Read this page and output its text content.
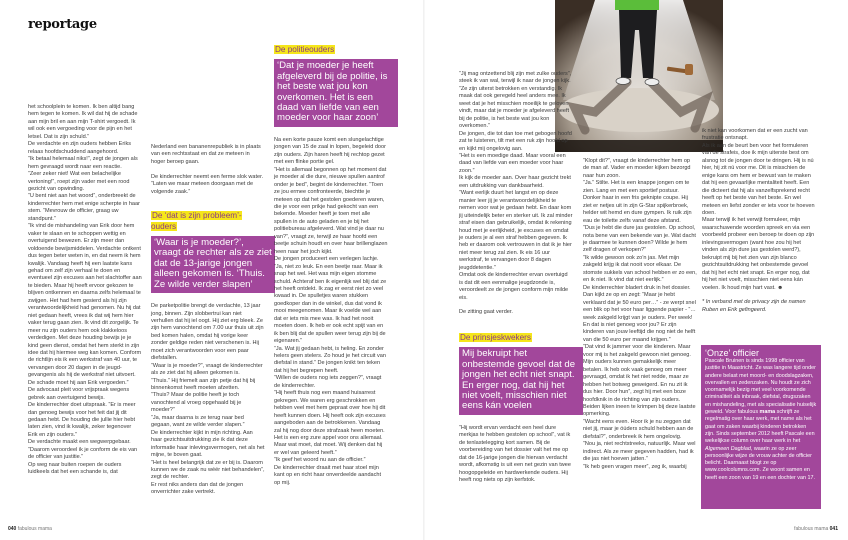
reportage

het schoolplein te komen. Ik ben altijd bang hem tegen te komen. Ik wil dat hij de schade aan mijn bril en aan mijn T-shirt vergoedt. Ik wil ook een vergoeding voor de pijn en het letsel. Dat is zijn schuld.”

De verdachte en zijn ouders hebben Eriks relaas hoofdschuddend aangehoord.

“Ik betaal helemaal niks!”, zegt de jongen als hem gevraagd wordt naar een reactie.

“Zeer zeker niet! Wat een belachelijke vertoning!”, roept zijn vader met een rood gezicht van opwinding.

“U bent niet aan het woord”, onderbreekt de kinderrechter hem met enige scherpte in haar stem. “Mevrouw de officier, graag uw standpunt.”

“Ik vind de mishandeling van Erik door hem vaker te slaan en te schoppen wettig en overtuigend bewezen. Er zijn meer dan voldoende bewijsmiddelen. Verdachte ontkent dus tegen beter weten in, en dat neem ik hem kwalijk. Vandaag heeft hij een laatste kans gehad om zelf zijn verhaal te doen en eventueel zijn excuses aan het slachtoffer aan te bieden. Maar hij heeft ervoor gekozen te blijven ontkennen en daarna zelfs helemaal te zwijgen. Het had hem gesierd als hij zijn verantwoordelijkheid had genomen. Nu hij dat niet gedaan heeft, vrees ik dat wij hem hier vaker terug gaan zien. Ik vind dit zorgelijk. Te meer nu zijn ouders hem ook klakkeloos verdedigen. Met deze houding bewijs je je kind geen dienst, omdat het hem sterkt in zijn idee dat hij hiermee weg kan komen. Conform de richtlijn eis ik een werkstraf van 40 uur, te vervangen door 20 dagen in de jeugdgevangenis als hij de werkstraf niet uitvoert. De schade moet hij aan Erik vergoeden.”

De advocaat pleit voor vrijspraak wegens gebrek aan overtuigend bewijs.

De kinderrechter doet uitspraak. “Er is meer dan genoeg bewijs voor het feit dat jij dit gedaan hebt. De houding die jullie hier hebt laten zien, vind ik kwalijk, zeker tegenover Erik en zijn ouders.”

De verdachte maakt een wegwerpgebaar.

“Daarom veroordeel ik je conform de eis van de officier van justitie.”

Op weg naar buiten roepen de ouders luidkeels dat het een schande is, dat

Nederland een bananenrepubliek is in plaats van een rechtsstaat en dat ze meteen in hoger beroep gaan.

De kinderrechter neemt een ferme slok water. “Laten we maar meteen doorgaan met de volgende zaak.”

De ‘dat is zijn probleem’-ouders
‘Waar is je moeder?’, vraagt de rechter als ze ziet dat de 13-jarige jongen alleen gekomen is. ‘Thuis. Ze wilde verder slapen’

De parketpolitie brengt de verdachte, 13 jaar jong, binnen. Zijn slobbertrui kan niet verhullen dat hij iel oogt. Hij ziet erg bleek. Ze zijn hem vanochtend om 7.00 uur thuis uit zijn bed komen halen, omdat hij vorige keer zonder geldige reden niet verschenen is. Hij moet zich verantwoorden voor een paar diefstallen.

“Waar is je moeder?”, vraagt de kinderrechter als ze ziet dat hij alleen gekomen is.

“Thuis.” Hij friemelt aan zijn petje dat hij bij binnenkomst heeft moeten afzetten.

“Thuis? Maar de politie heeft je toch vanochtend al vroeg opgehaald bij je moeder?”

“Ja, maar daarna is ze terug naar bed gegaan, want ze wilde verder slapen.”

De kinderrechter kijkt in mijn richting. Aan haar gezichtsuitdrukking zie ik dat deze informatie haar inlevingsvermogen, net als het mijne, te boven gaat.

“Het is heel belangrijk dat ze er bij is. Daarom kunnen we de zaak nu wéér niet behandelen”, zegt de rechter.

Er rest niks anders dan dat de jongen onverrichter zake vertrekt.

De politieouders
‘Dat je moeder je heeft afgeleverd bij de politie, is het beste wat jou kon overkomen. Het is een daad van liefde van een moeder voor haar zoon’

Na een korte pauze komt een slungelachtige jongen van 15 de zaal in lopen, begeleid door zijn ouders. Zijn haren heeft hij rechtop gezet met een flinke portie gel.

“Het is allemaal begonnen op het moment dat je moeder al die dure, nieuwe spullen aantrof onder je bed”, begint de kinderrechter. “Toen ze jou ermee confronteerde, biechtte je meteen op dat het gestolen goederen waren, die je voor een prikje had gekocht van een bekende. Moeder heeft je toen met alle spullen in de auto geladen en je bij het politiebureau afgeleverd. Wat vind je daar nu van?”, vraagt ze, terwijl ze haar hoofd een beetje schuin houdt en over haar brillenglazen heen naar het joch kijkt.

De jongen produceert een verlegen lachje.

“Ja, niet zo leuk. En een beetje raar. Maar ik snap het wel. Het was mijn eigen stomme schuld. Achteraf ben ik eigenlijk wel blij dat ze het heeft ontdekt. Ik zag er eerst niet zo veel kwaad in. De spulletjes waren stukken goedkoper dan in de winkel, dus dat vond ik mooi meegenomen. Maar ik voelde wel aan dat er iets mis mee was. Ik had het nooit moeten doen. Ik heb er ook echt spijt van en ik ben blij dat de spullen weer terug zijn bij de eigenaren.”

“Ja. Wat jij gedaan hebt, is heling. En zonder helers geen stelers. Zo houd je het circuit van diefstal in stand.” De jongen knikt ten teken dat hij het begrepen heeft.

“Willen de ouders nog iets zeggen?”, vraagt de kinderrechter.

“Hij heeft thuis nog een maand huisarrest gekregen. We waren erg geschrokken en hebben veel met hem gepraat over hoe hij dit heeft kunnen doen. Hij heeft ook zijn excuses aangeboden aan de betrokkenen. Vandaag zal hij nog door deze strafzaak heen moeten. Het is een erg zure appel voor ons allemaal. Maar wat moet, dat moet. Wij denken dat hij er wel van geleerd heeft.”

“Ik geef het woord nu aan de officier.”

De kinderrechter draait met haar stoel mijn kant op en richt haar onverdeelde aandacht op mij.

“Jij mag ontzettend blij zijn met zulke ouders”, steek ik van wal, terwijl ik naar de jongen kijk. “Ze zijn uiterst betrokken en verstandig. Ik maak dat ook geregeld heel anders mee. Ik weet dat je het misschien moeilijk te geloven vindt, maar dat je moeder je afgeleverd heeft bij de politie, is het beste wat jou kon overkomen.”

De jongen, die tot dan toe met gebogen hoofd zat te luisteren, tilt met een ruk zijn hoofd op en kijkt mij ongelovig aan.

“Het is een moedige daad. Maar vooral een daad van liefde van een moeder voor haar zoon.”

Ik kijk de moeder aan. Over haar gezicht trekt een uitdrukking van dankbaarheid.

“Want eerlijk duurt het langst en op deze manier leer jij je verantwoordelijkheid te nemen voor wat je gedaan hebt. En daar kom jij uiteindelijk beter en sterker uit. Ik zal minder straf eisen dan gebruikelijk, omdat ik rekening houd met je eerlijkheid, je excuses en omdat je ouders je al een straf hebben gegeven. Ik heb er daarom ook vertrouwen in dat ik je hier niet meer terug zal zien. Ik eis 16 uur werkstraf, te vervangen door 8 dagen jeugddetentie.”

Omdat ook de kinderrechter ervan overtuigd is dat dit een eenmalige jeugdzonde is, veroordeelt ze de jongen conform mijn milde eis.

De zitting gaat verder.

De prinsjeskwekers
Mij bekruipt het onbestemde gevoel dat de jongen het echt niet snapt. En erger nog, dat hij het niet voelt, misschien niet eens kán voelen

“Hij wordt ervan verdacht een heel dure merkjas te hebben gestolen op school”, vat ik de tenlastelegging kort samen. Bij de voorbereiding van het dossier valt het me op dat de 16-jarige jongen die hiervan verdacht wordt, afkomstig is uit een net gezin van twee hoogopgeleide en hardwerkende ouders. Hij heeft nog niets op zijn kerfstok.

“Klopt dit?”, vraagt de kinderrechter hem op de man af. Vader en moeder kijken bezorgd naar hun zoon.

“Ja.” Stilte. Het is een knappe jongen om te zien. Lang en met een sportief postuur. Donker haar in een fris geknipte coupe. Hij ziet er netjes uit in zijn G-Star spijkerbroek, helder wit hemd en dure gympen. Ik ruik zijn eau de toilette zelfs vanaf deze afstand.

“Dus je hebt die dure jas gestolen. Op school, nota bene van een bekende van je. Wat dacht je daarmee te kunnen doen? Wilde je hem zelf dragen of verkopen?”

“Ik wilde gewoon ook zo’n jas. Met mijn zakgeld krijg ik dat nooit voor elkaar. De stomste sukkels van school hebben er zo een, en ik niet. Ik vind dat niet eerlijk.”

De kinderrechter bladert druk in het dossier. Dan kijkt ze op en zegt: “Maar je hebt verklaard dat je 50 euro per…” - ze werpt snel een blik op het voor haar liggende papier - “…week zakgeld krijgt van je ouders. Per week! En dat is niet genoeg voor jou? Er zijn kinderen van jouw leeftijd die nog niet de helft van die 50 euro per maand krijgen.”

“Dat vind ik jammer voor die kinderen. Maar voor mij is het zakgeld gewoon niet genoeg. Mijn ouders kunnen gemakkelijk meer betalen. Ik heb ook vaak genoeg om meer gevraagd, omdat ik het niet redde, maar ze hebben het botweg geweigerd. En nu zit ik dus hier. Door hun”, zegt hij met een boze hoofdknik in de richting van zijn ouders. Beiden lijken ineen te krimpen bij deze laatste opmerking.

“Wacht eens even. Hoor ik je nu zeggen dat niet jij, maar je óúders schuld hebben aan de diefstal?”, onderbreek ik hem ongelovig.

“Nou ja, niet rechtstreeks, natuurlijk. Maar wel indirect. Als ze meer gegeven hadden, had ik die jas niet hoeven jatten.”

“Ik heb geen vragen meer”, zeg ik, waarbij

ik niet kan voorkomen dat er een zucht van frustratie ontsnapt.

Als ik aan de beurt ben voor het formuleren van de strafeis, doe ik mijn uiterste best om alsnog tot de jongen door te dringen. Hij is nú hier, hij zit nú voor me. Dit is misschien de enige kans om hem er bewust van te maken dat hij een gevaarlijke mentaliteit heeft. Een die dicteert dat hij als vanzelfsprekend recht heeft op het beste van het beste. En wel meteen en liefst zonder er iets voor te hoeven doen.

Maar terwijl ik het verwijt formuleer, mijn waarschuwende woorden spreek en via een voorbeeld probeer een beroep te doen op zijn inlevingsvermogen (want hoe zou hij het vinden als zijn dure jas gestolen werd?), bekruipt mij bij het zien van zijn blanco gezichtsuitdrukking het onbestemde gevoel dat hij het echt niet snapt. En erger nog, dat hij het niet voelt, misschien niet eens kán voelen. Ik houd mijn hart vast. ☻

* In verband met de privacy zijn de namen Ruben en Erik gefingeerd.

‘Onze’ officier
Pascale Bruinen is sinds 1998 officier van justitie in Maastricht. Ze was langere tijd onder andere belast met moord- en doodslagzaken, overvallen en zedenzaken. Nu houdt ze zich voornamelijk bezig met veel voorkomende criminaliteit als inbraak, diefstal, drugszaken en mishandeling, met als specialisatie huiselijk geweld. Voor fabulous mama schrijft ze regelmatig over haar werk, met name als het gaat om zaken waarbij kinderen betrokken zijn. Sinds september 2012 heeft Pascale een wekelijkse column over haar werk in het Algemeen Dagblad, waarin ze op zeer persoonlijke wijze de vrouw achter de officier belicht. Daarnaast blogt ze op www.coolcolumns.com. Ze woont samen en heeft een zoon van 19 en een dochter van 17.
040 fabulous mama	fabulous mama 041
